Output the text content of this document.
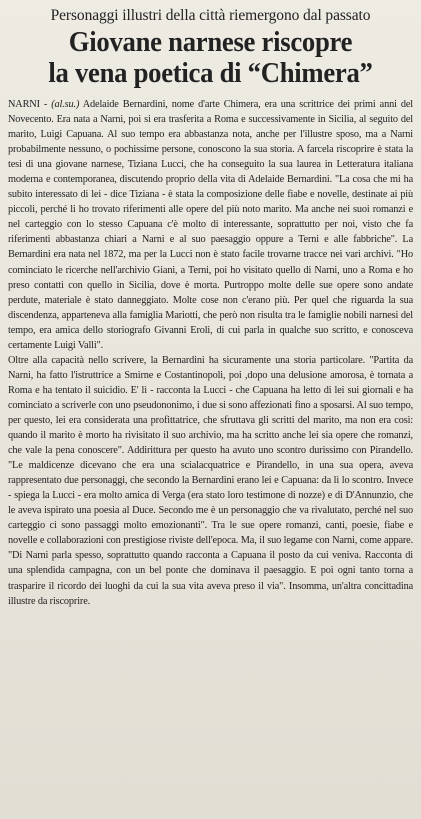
Personaggi illustri della città riemergono dal passato

Giovane narnese riscopre
la vena poetica di “Chimera”

NARNI - (al.su.) Adelaide Bernardini, nome d'arte Chimera, era una scrittrice dei primi anni del Novecento. Era nata a Narni, poi si era trasferita a Roma e successivamente in Sicilia, al seguito del marito, Luigi Capuana. Al suo tempo era abbastanza nota, anche per l'illustre sposo, ma a Narni probabilmente nessuno, o pochissime persone, conoscono la sua storia. A farcela riscoprire è stata la tesi di una giovane narnese, Tiziana Lucci, che ha conseguito la sua laurea in Letteratura italiana moderna e contemporanea, discutendo proprio della vita di Adelaide Bernardini. "La cosa che mi ha subito interessato di lei - dice Tiziana - è stata la composizione delle fiabe e novelle, destinate ai più piccoli, perché li ho trovato riferimenti alle opere del più noto marito. Ma anche nei suoi romanzi e nel carteggio con lo stesso Capuana c'è molto di interessante, soprattutto per noi, visto che fa riferimenti abbastanza chiari a Narni e al suo paesaggio oppure a Terni e alle fabbriche". La Bernardini era nata nel 1872, ma per la Lucci non è stato facile trovarne tracce nei vari archivi. "Ho cominciato le ricerche nell'archivio Giani, a Terni, poi ho visitato quello di Narni, uno a Roma e ho preso contatti con quello in Sicilia, dove è morta. Purtroppo molte delle sue opere sono andate perdute, materiale è stato danneggiato. Molte cose non c'erano più. Per quel che riguarda la sua discendenza, apparteneva alla famiglia Mariotti, che però non risulta tra le famiglie nobili narnesi del tempo, era amica dello storiografo Givanni Eroli, di cui parla in qualche suo scritto, e conosceva certamente Luigi Valli".

Oltre alla capacità nello scrivere, la Bernardini ha sicuramente una storia particolare. "Partita da Narni, ha fatto l'istruttrice a Smirne e Costantinopoli, poi ,dopo una delusione amorosa, è tornata a Roma e ha tentato il suicidio. E' lì - racconta la Lucci - che Capuana ha letto di lei sui giornali e ha cominciato a scriverle con uno pseudononimo, i due si sono affezionati fino a sposarsi. Al suo tempo, per questo, lei era considerata una profittatrice, che sfruttava gli scritti del marito, ma non era così: quando il marito è morto ha rivisitato il suo archivio, ma ha scritto anche lei sia opere che romanzi, che vale la pena conoscere". Addirittura per questo ha avuto uno scontro durissimo con Pirandello. "Le maldicenze dicevano che era una scialacquatrice e Pirandello, in una sua opera, aveva rappresentato due personaggi, che secondo la Bernardini erano lei e Capuana: da lì lo scontro. Invece - spiega la Lucci - era molto amica di Verga (era stato loro testimone di nozze) e di D'Annunzio, che le aveva ispirato una poesia al Duce. Secondo me è un personaggio che va rivalutato, perché nel suo carteggio ci sono passaggi molto emozionanti". Tra le sue opere romanzi, canti, poesie, fiabe e novelle e collaborazioni con prestigiose riviste dell'epoca. Ma, il suo legame con Narni, come appare. "Di Narni parla spesso, soprattutto quando racconta a Capuana il posto da cui veniva. Racconta di una splendida campagna, con un bel ponte che dominava il paesaggio. E poi ogni tanto torna a trasparire il ricordo dei luoghi da cui la sua vita aveva preso il via". Insomma, un'altra concittadina illustre da riscoprire.
